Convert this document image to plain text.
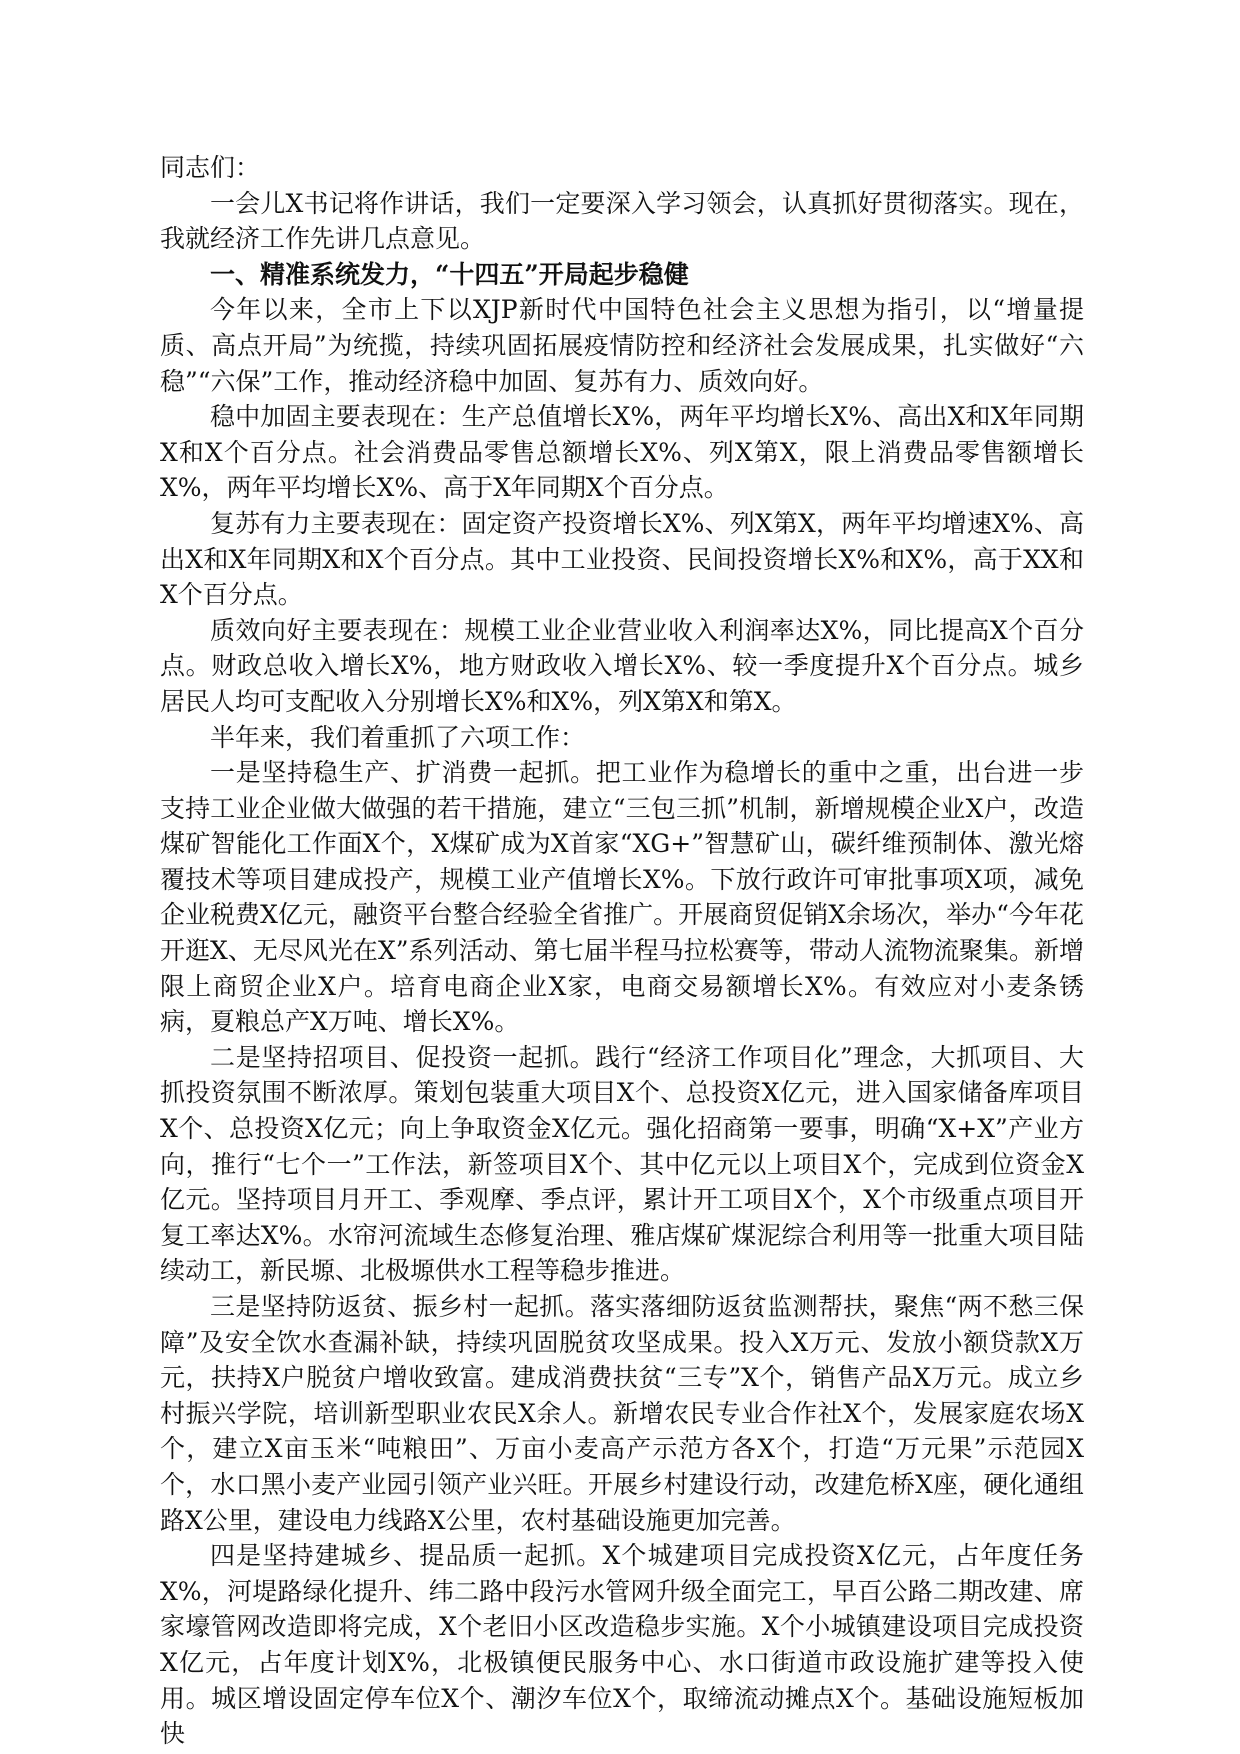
同志们：

一会儿X书记将作讲话，我们一定要深入学习领会，认真抓好贯彻落实。现在，我就经济工作先讲几点意见。

一、精准系统发力，“十四五”开局起步稳健

今年以来，全市上下以XJP新时代中国特色社会主义思想为指引，以“增量提质、高点开局”为统揽，持续巩固拓展疫情防控和经济社会发展成果，扎实做好“六稳”“六保”工作，推动经济稳中加固、复苏有力、质效向好。

稳中加固主要表现在：生产总值增长X%，两年平均增长X%、高出X和X年同期X和X个百分点。社会消费品零售总额增长X%、列X第X，限上消费品零售额增长X%，两年平均增长X%、高于X年同期X个百分点。

复苏有力主要表现在：固定资产投资增长X%、列X第X，两年平均增速X%、高出X和X年同期X和X个百分点。其中工业投资、民间投资增长X%和X%，高于XX和X个百分点。

质效向好主要表现在：规模工业企业营业收入利润率达X%，同比提高X个百分点。财政总收入增长X%，地方财政收入增长X%、较一季度提升X个百分点。城乡居民人均可支配收入分别增长X%和X%，列X第X和第X。

半年来，我们着重抓了六项工作：

一是坚持稳生产、扩消费一起抓。把工业作为稳增长的重中之重，出台进一步支持工业企业做大做强的若干措施，建立“三包三抓”机制，新增规模企业X户，改造煤矿智能化工作面X个，X煤矿成为X首家“XG+”智慧矿山，碳纤维预制体、激光熔覆技术等项目建成投产，规模工业产值增长X%。下放行政许可审批事项X项，减免企业税费X亿元，融资平台整合经验全省推广。开展商贸促销X余场次，举办“今年花开逛X、无尽风光在X”系列活动、第七届半程马拉松赛等，带动人流物流聚集。新增限上商贸企业X户。培育电商企业X家，电商交易额增长X%。有效应对小麦条锈病，夏粮总产X万吨、增长X%。

二是坚持招项目、促投资一起抓。践行“经济工作项目化”理念，大抓项目、大抓投资氛围不断浓厚。策划包装重大项目X个、总投资X亿元，进入国家储备库项目X个、总投资X亿元；向上争取资金X亿元。强化招商第一要事，明确“X+X”产业方向，推行“七个一”工作法，新签项目X个、其中亿元以上项目X个，完成到位资金X亿元。坚持项目月开工、季观摩、季点评，累计开工项目X个，X个市级重点项目开复工率达X%。水帘河流域生态修复治理、雅店煤矿煤泥综合利用等一批重大项目陆续动工，新民塬、北极塬供水工程等稳步推进。

三是坚持防返贫、振乡村一起抓。落实落细防返贫监测帮扶，聚焦“两不愁三保障”及安全饮水查漏补缺，持续巩固脱贫攻坚成果。投入X万元、发放小额贷款X万元，扶持X户脱贫户增收致富。建成消费扶贫“三专”X个，销售产品X万元。成立乡村振兴学院，培训新型职业农民X余人。新增农民专业合作社X个，发展家庭农场X个，建立X亩玉米“吨粮田”、万亩小麦高产示范方各X个，打造“万元果”示范园X个，水口黑小麦产业园引领产业兴旺。开展乡村建设行动，改建危桥X座，硬化通组路X公里，建设电力线路X公里，农村基础设施更加完善。

四是坚持建城乡、提品质一起抓。X个城建项目完成投资X亿元，占年度任务X%，河堤路绿化提升、纬二路中段污水管网升级全面完工，早百公路二期改建、席家壕管网改造即将完成，X个老旧小区改造稳步实施。X个小城镇建设项目完成投资X亿元，占年度计划X%，北极镇便民服务中心、水口街道市政设施扩建等投入使用。城区增设固定停车位X个、潮汐车位X个，取缔流动摊点X个。基础设施短板加快
